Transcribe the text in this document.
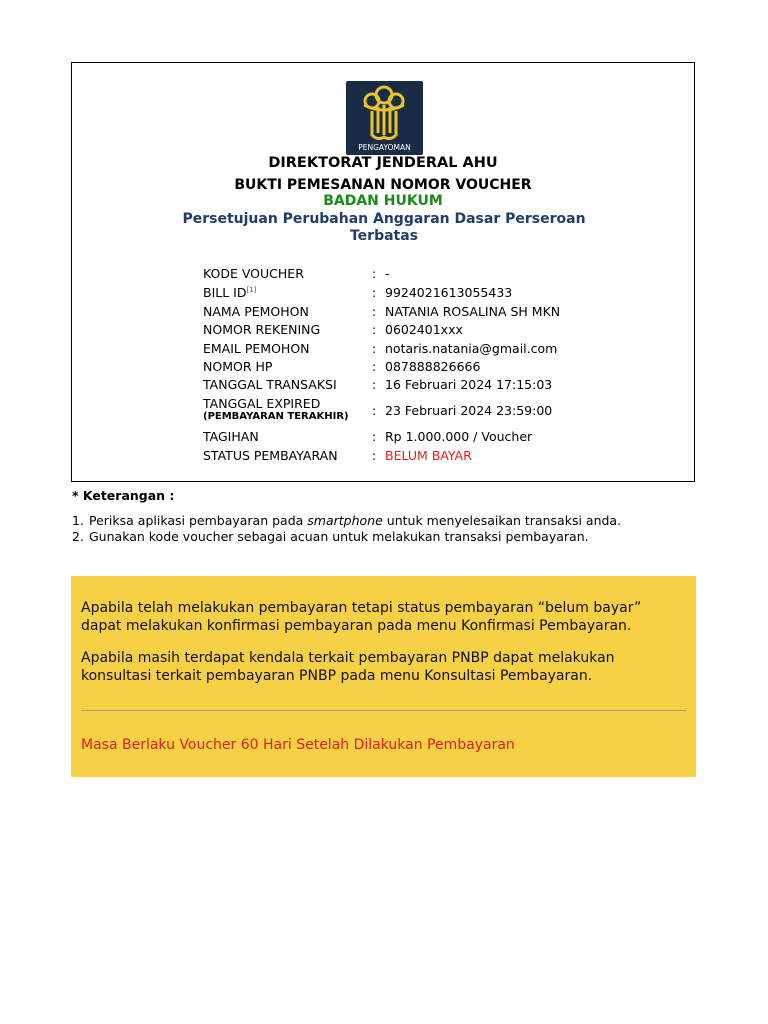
PENGAYOMAN
DIREKTORAT JENDERAL AHU
BUKTI PEMESANAN NOMOR VOUCHER
BADAN HUKUM
Persetujuan Perubahan Anggaran Dasar Perseroan Terbatas
KODE VOUCHER	: -
BILL ID[1]	: 9924021613055433
NAMA PEMOHON	: NATANIA ROSALINA SH MKN
NOMOR REKENING	: 0602401xxx
EMAIL PEMOHON	: notaris.natania@gmail.com
NOMOR HP	: 087888826666
TANGGAL TRANSAKSI	: 16 Februari 2024 17:15:03
TANGGAL EXPIRED
(PEMBAYARAN TERAKHIR) : 23 Februari 2024 23:59:00
TAGIHAN	: Rp 1.000.000 / Voucher
STATUS PEMBAYARAN	: BELUM BAYAR
* Keterangan :
1. Periksa aplikasi pembayaran pada smartphone untuk menyelesaikan transaksi anda.
2. Gunakan kode voucher sebagai acuan untuk melakukan transaksi pembayaran.

Apabila telah melakukan pembayaran tetapi status pembayaran “belum bayar” dapat melakukan konfirmasi pembayaran pada menu Konfirmasi Pembayaran.

Apabila masih terdapat kendala terkait pembayaran PNBP dapat melakukan konsultasi terkait pembayaran PNBP pada menu Konsultasi Pembayaran.

Masa Berlaku Voucher 60 Hari Setelah Dilakukan Pembayaran
